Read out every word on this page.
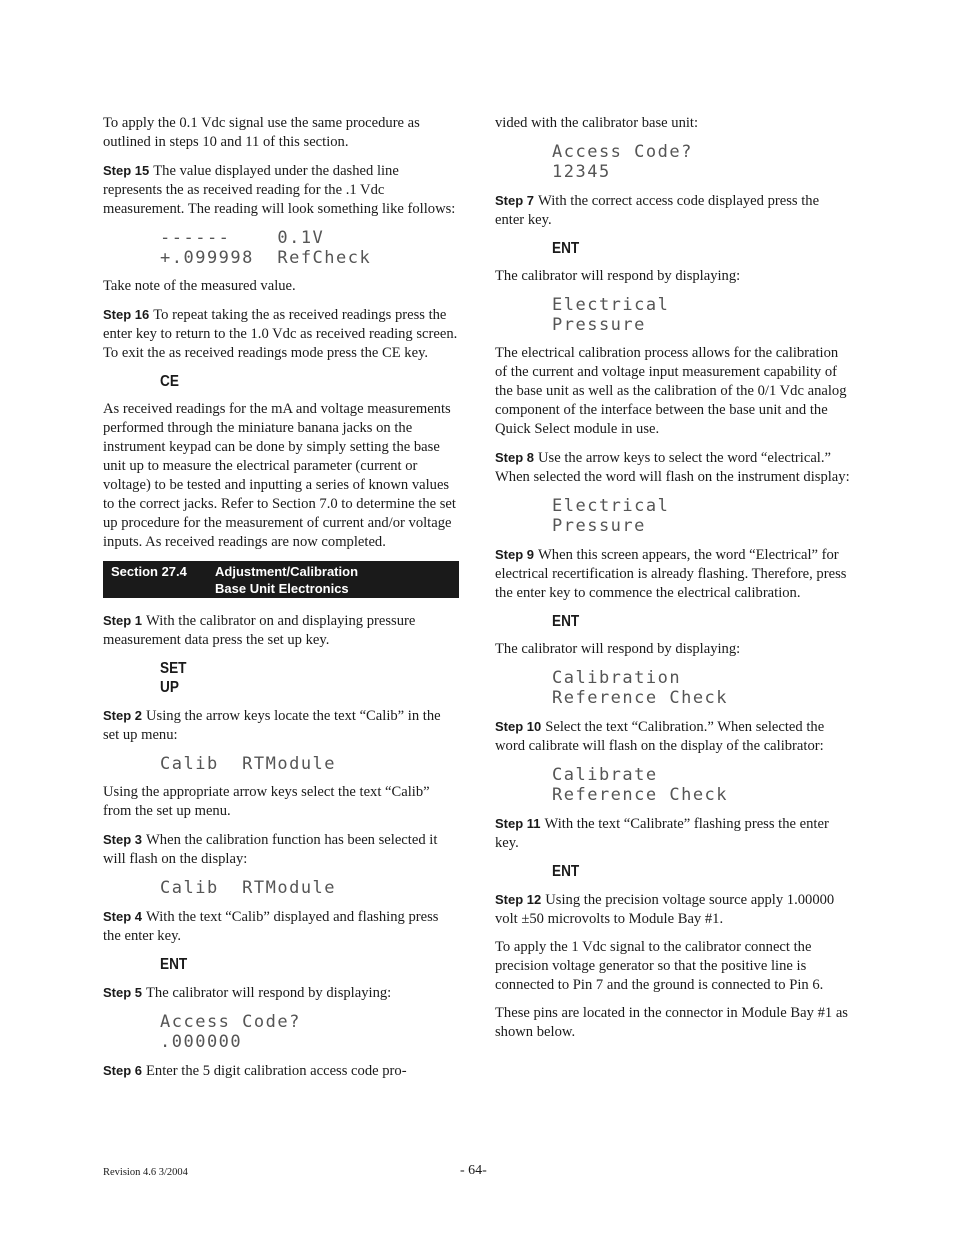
To apply the 0.1 Vdc signal use the same procedure as outlined in steps 10 and 11 of this section.

Step 15 The value displayed under the dashed line represents the as received reading for the .1 Vdc measurement. The reading will look something like follows:

------    0.1V
+.099998  RefCheck

Take note of the measured value.

Step 16 To repeat taking the as received readings press the enter key to return to the 1.0 Vdc as received reading screen. To exit the as received readings mode press the CE key.

CE

As received readings for the mA and voltage measurements performed through the miniature banana jacks on the instrument keypad can be done by simply setting the base unit up to measure the electrical parameter (current or voltage) to be tested and inputting a series of known values to the correct jacks. Refer to Section 7.0 to determine the set up procedure for the measurement of current and/or voltage inputs. As received readings are now completed.

Section 27.4	Adjustment/Calibration
Base Unit Electronics

Step 1 With the calibrator on and displaying pressure measurement data press the set up key.

SET
UP

Step 2 Using the arrow keys locate the text “Calib” in the set up menu:

Calib  RTModule

Using the appropriate arrow keys select the text “Calib” from the set up menu.

Step 3 When the calibration function has been selected it will flash on the display:

Calib  RTModule

Step 4 With the text “Calib” displayed and flashing press the enter key.

ENT

Step 5 The calibrator will respond by displaying:

Access Code?
.000000

Step 6 Enter the 5 digit calibration access code pro-

vided with the calibrator base unit:

Access Code?
12345

Step 7 With the correct access code displayed press the enter key.

ENT

The calibrator will respond by displaying:

Electrical
Pressure

The electrical calibration process allows for the calibration of the current and voltage input measurement capability of the base unit as well as the calibration of the 0/1 Vdc analog component of the interface between the base unit and the Quick Select module in use.

Step 8 Use the arrow keys to select the word “electrical.” When selected the word will flash on the instrument display:

Electrical
Pressure

Step 9 When this screen appears, the word “Electrical” for electrical recertification is already flashing. Therefore, press the enter key to commence the electrical calibration.

ENT

The calibrator will respond by displaying:

Calibration
Reference Check

Step 10 Select the text “Calibration.” When selected the word calibrate will flash on the display of the calibrator:

Calibrate
Reference Check

Step 11 With the text “Calibrate” flashing press the enter key.

ENT

Step 12 Using the precision voltage source apply 1.00000 volt ±50 microvolts to Module Bay #1.

To apply the 1 Vdc signal to the calibrator connect the precision voltage generator so that the positive line is connected to Pin 7 and the ground is connected to Pin 6.

These pins are located in the connector in Module Bay #1 as shown below.

Revision 4.6 3/2004	- 64-
